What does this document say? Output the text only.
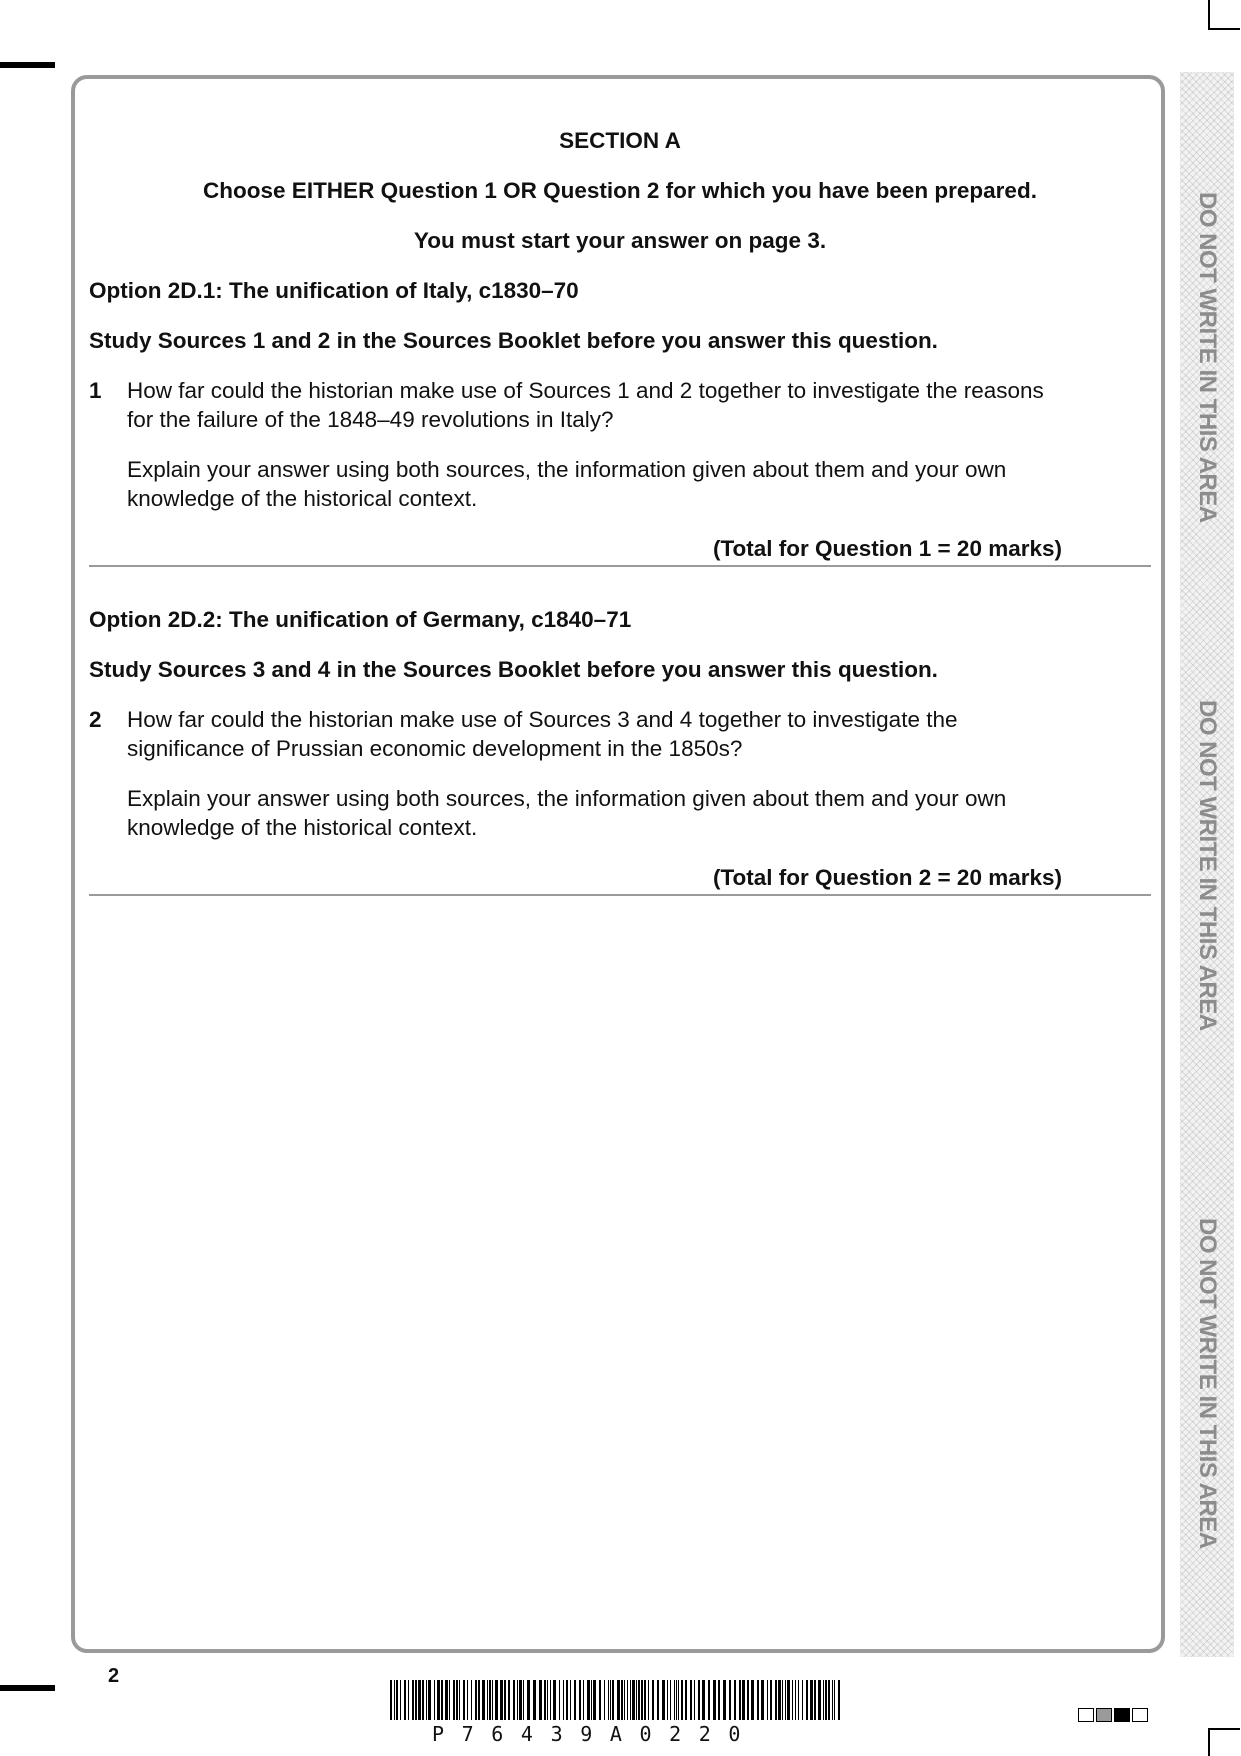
DO NOT WRITE IN THIS AREA
DO NOT WRITE IN THIS AREA
DO NOT WRITE IN THIS AREA

SECTION A

Choose EITHER Question 1 OR Question 2 for which you have been prepared.

You must start your answer on page 3.

Option 2D.1: The unification of Italy, c1830–70

Study Sources 1 and 2 in the Sources Booklet before you answer this question.

1	How far could the historian make use of Sources 1 and 2 together to investigate the reasons for the failure of the 1848–49 revolutions in Italy?

Explain your answer using both sources, the information given about them and your own knowledge of the historical context.

(Total for Question 1 = 20 marks)

Option 2D.2: The unification of Germany, c1840–71

Study Sources 3 and 4 in the Sources Booklet before you answer this question.

2	How far could the historian make use of Sources 3 and 4 together to investigate the significance of Prussian economic development in the 1850s?

Explain your answer using both sources, the information given about them and your own knowledge of the historical context.

(Total for Question 2 = 20 marks)

2
P76439A0220
